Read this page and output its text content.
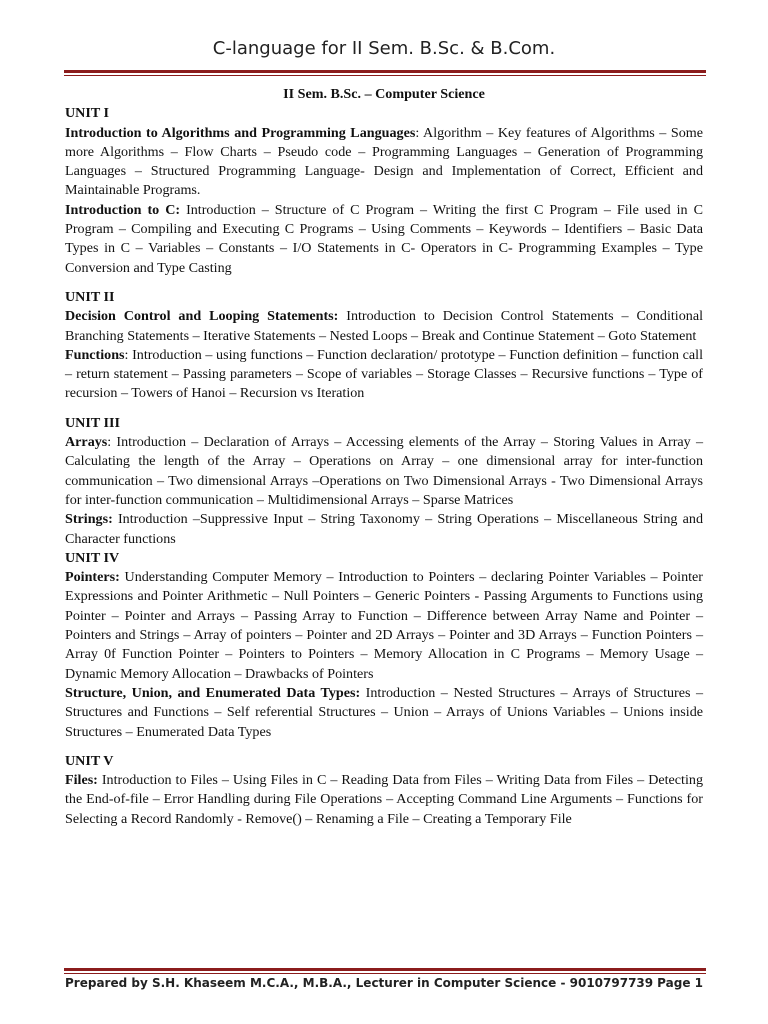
C-language for II Sem. B.Sc. & B.Com.

II Sem. B.Sc. – Computer Science

UNIT I

Introduction to Algorithms and Programming Languages: Algorithm – Key features of Algorithms – Some more Algorithms – Flow Charts – Pseudo code – Programming Languages – Generation of Programming Languages – Structured Programming Language- Design and Implementation of Correct, Efficient and Maintainable Programs.

Introduction to C: Introduction – Structure of C Program – Writing the first C Program – File used in C Program – Compiling and Executing C Programs – Using Comments – Keywords – Identifiers – Basic Data Types in C – Variables – Constants – I/O Statements in C- Operators in C- Programming Examples – Type Conversion and Type Casting

UNIT II

Decision Control and Looping Statements: Introduction to Decision Control Statements – Conditional Branching Statements – Iterative Statements – Nested Loops – Break and Continue Statement – Goto Statement

Functions: Introduction – using functions – Function declaration/ prototype – Function definition – function call – return statement – Passing parameters – Scope of variables – Storage Classes – Recursive functions – Type of recursion – Towers of Hanoi – Recursion vs Iteration

UNIT III

Arrays: Introduction – Declaration of Arrays – Accessing elements of the Array – Storing Values in Array – Calculating the length of the Array – Operations on Array – one dimensional array for inter-function communication – Two dimensional Arrays –Operations on Two Dimensional Arrays - Two Dimensional Arrays for inter-function communication – Multidimensional Arrays – Sparse Matrices

Strings: Introduction –Suppressive Input – String Taxonomy – String Operations – Miscellaneous String and Character functions

UNIT IV

Pointers: Understanding Computer Memory – Introduction to Pointers – declaring Pointer Variables – Pointer Expressions and Pointer Arithmetic – Null Pointers – Generic Pointers - Passing Arguments to Functions using Pointer – Pointer and Arrays – Passing Array to Function – Difference between Array Name and Pointer – Pointers and Strings – Array of pointers – Pointer and 2D Arrays – Pointer and 3D Arrays – Function Pointers – Array 0f Function Pointer – Pointers to Pointers – Memory Allocation in C Programs – Memory Usage – Dynamic Memory Allocation – Drawbacks of Pointers

Structure, Union, and Enumerated Data Types: Introduction – Nested Structures – Arrays of Structures – Structures and Functions – Self referential Structures – Union – Arrays of Unions Variables – Unions inside Structures – Enumerated Data Types

UNIT V

Files: Introduction to Files – Using Files in C – Reading Data from Files – Writing Data from Files – Detecting the End-of-file – Error Handling during File Operations – Accepting Command Line Arguments – Functions for Selecting a Record Randomly - Remove() – Renaming a File – Creating a Temporary File

Prepared by S.H. Khaseem M.C.A., M.B.A., Lecturer in Computer Science - 9010797739 Page 1
